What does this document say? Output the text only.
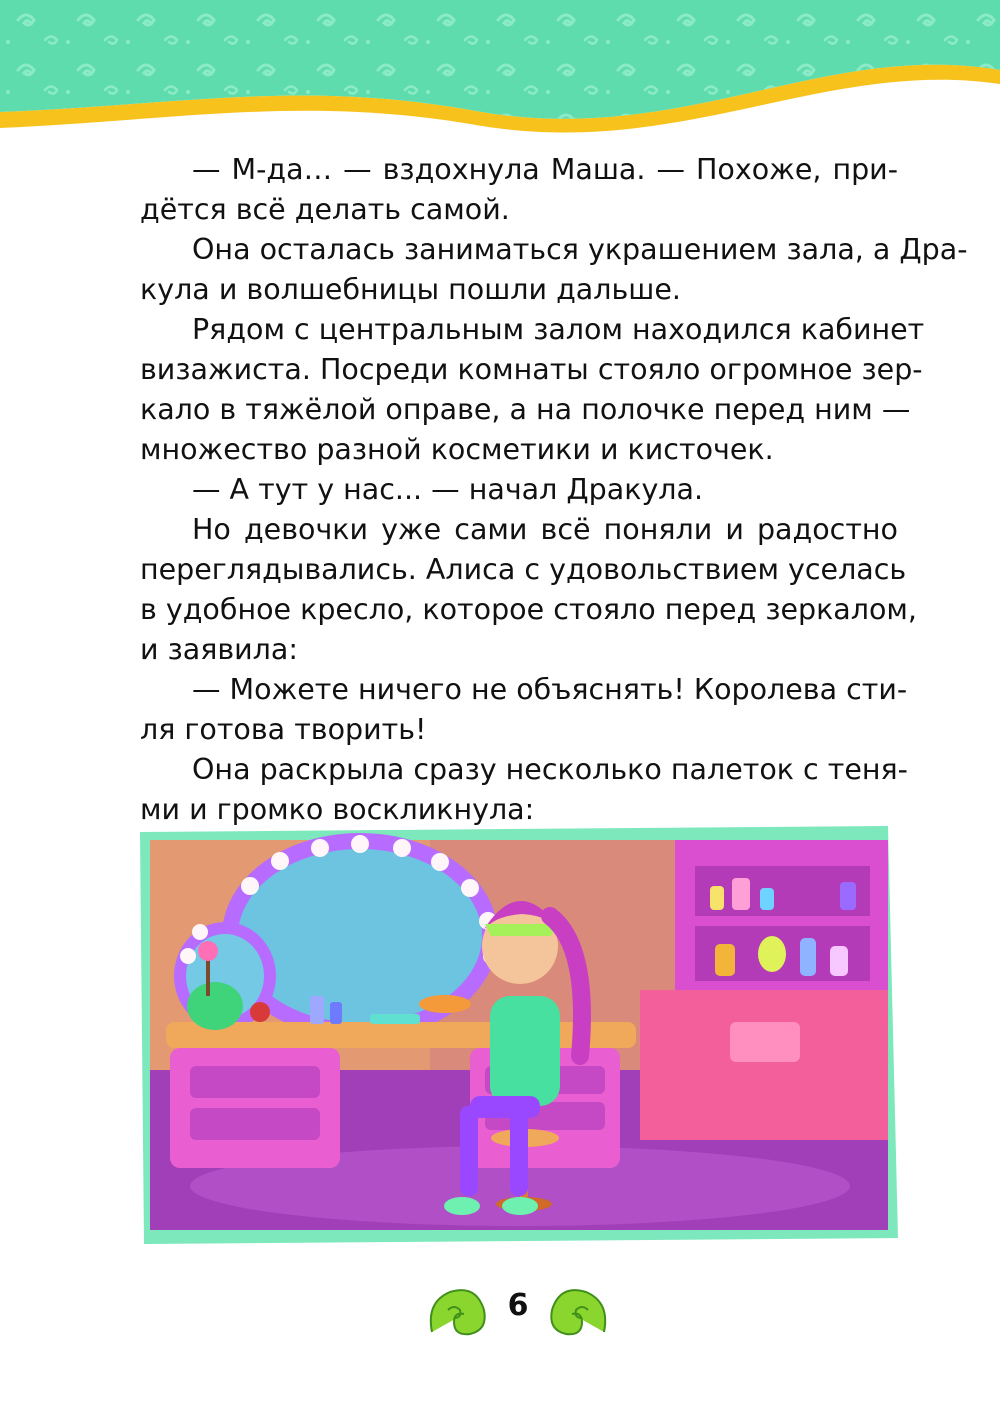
— М-да… — вздохнула Маша. — Похоже, при-
дётся всё делать самой.

Она осталась заниматься украшением зала, а Дра-
кула и волшебницы пошли дальше.

Рядом с центральным залом находился кабинет
визажиста. Посреди комнаты стояло огромное зер-
кало в тяжёлой оправе, а на полочке перед ним —
множество разной косметики и кисточек.

— А тут у нас... — начал Дракула.

Но девочки уже сами всё поняли и радостно
переглядывались. Алиса с удовольствием уселась
в удобное кресло, которое стояло перед зеркалом,
и заявила:

— Можете ничего не объяснять! Королева сти-
ля готова творить!

Она раскрыла сразу несколько палеток с теня-
ми и громко воскликнула:

6
